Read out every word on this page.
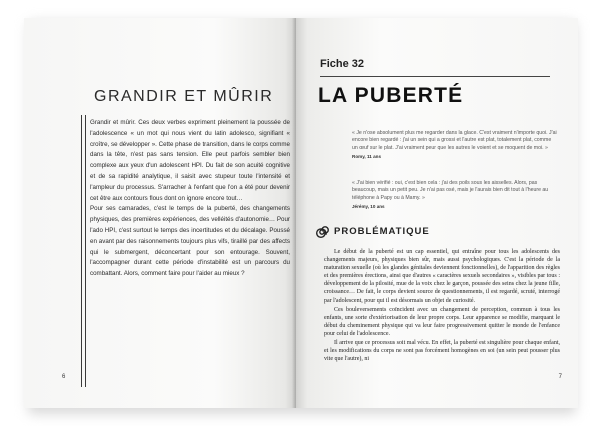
GRANDIR ET MÛRIR
Grandir et mûrir. Ces deux verbes expriment pleinement la poussée de l'adolescence « un mot qui nous vient du latin adolesco, signifiant « croître, se développer ». Cette phase de transition, dans le corps comme dans la tête, n'est pas sans tension. Elle peut parfois sembler bien complexe aux yeux d'un adolescent HPI. Du fait de son acuité cognitive et de sa rapidité analytique, il saisit avec stupeur toute l'intensité et l'ampleur du processus. S'arracher à l'enfant que l'on a été pour devenir cet être aux contours flous dont on ignore encore tout…
Pour ses camarades, c'est le temps de la puberté, des changements physiques, des premières expériences, des velléités d'autonomie… Pour l'ado HPI, c'est surtout le temps des incertitudes et du décalage. Poussé en avant par des raisonnements toujours plus vifs, tiraillé par des affects qui le submergent, déconcertant pour son entourage. Souvent, l'accompagner durant cette période d'instabilité est un parcours du combattant. Alors, comment faire pour l'aider au mieux ?
6
Fiche 32
LA PUBERTÉ
« Je n'ose absolument plus me regarder dans la glace. C'est vraiment n'importe quoi. J'ai encore bien regardé : j'ai un sein qui a grossi et l'autre est plat, totalement plat, comme un œuf sur le plat. J'ai vraiment peur que les autres le voient et se moquent de moi. »
Romy, 11 ans
« J'ai bien vérifié : oui, c'est bien cela : j'ai des poils sous les aisselles. Alors, pas beaucoup, mais un petit peu. Je n'ai pas osé, mais je l'aurais bien dit tout à l'heure au téléphone à Papy ou à Mamy. »
Jérémy, 10 ans
PROBLÉMATIQUE

Le début de la puberté est un cap essentiel, qui entraîne pour tous les adolescents des changements majeurs, physiques bien sûr, mais aussi psychologiques. C'est la période de la maturation sexuelle (où les glandes génitales deviennent fonctionnelles), de l'apparition des règles et des premières érections, ainsi que d'autres « caractères sexuels secondaires », visibles par tous : développement de la pilosité, mue de la voix chez le garçon, poussée des seins chez la jeune fille, croissance… De fait, le corps devient source de questionnements, il est regardé, scruté, interrogé par l'adolescent, pour qui il est désormais un objet de curiosité.

Ces bouleversements coïncident avec un changement de perception, commun à tous les enfants, une sorte d'extériorisation de leur propre corps. Leur apparence se modifie, marquant le début du cheminement physique qui va leur faire progressivement quitter le monde de l'enfance pour celui de l'adolescence.

Il arrive que ce processus soit mal vécu. En effet, la puberté est singulière pour chaque enfant, et les modifications du corps ne sont pas forcément homogènes en soi (un sein peut pousser plus vite que l'autre), ni

7
